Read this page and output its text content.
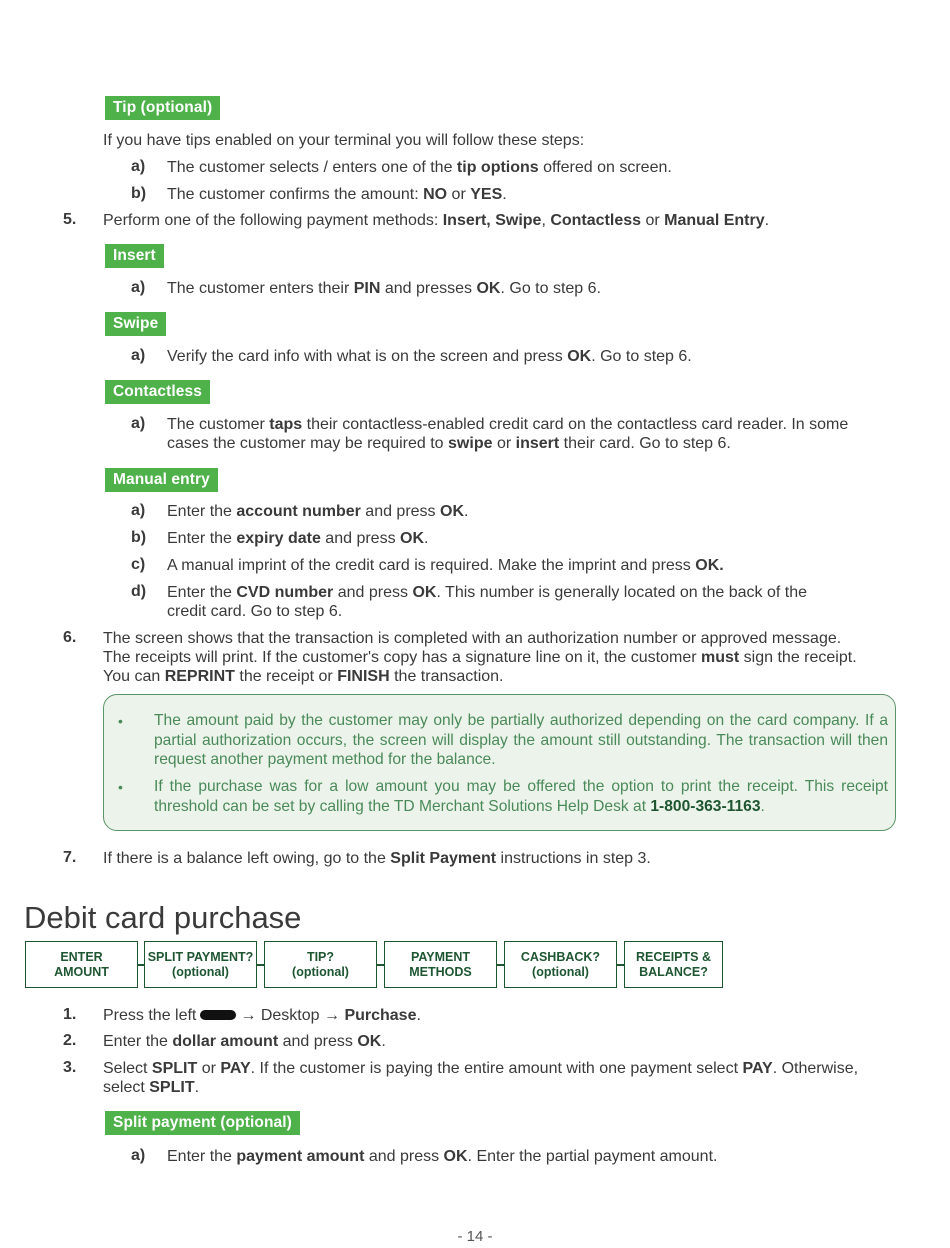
Tip (optional)
If you have tips enabled on your terminal you will follow these steps:
a) The customer selects / enters one of the tip options offered on screen.
b) The customer confirms the amount: NO or YES.
5. Perform one of the following payment methods: Insert, Swipe, Contactless or Manual Entry.
Insert
a) The customer enters their PIN and presses OK. Go to step 6.
Swipe
a) Verify the card info with what is on the screen and press OK. Go to step 6.
Contactless
a) The customer taps their contactless-enabled credit card on the contactless card reader. In some
cases the customer may be required to swipe or insert their card. Go to step 6.
Manual entry
a) Enter the account number and press OK.
b) Enter the expiry date and press OK.
c) A manual imprint of the credit card is required. Make the imprint and press OK.
d) Enter the CVD number and press OK. This number is generally located on the back of the
credit card. Go to step 6.
6. The screen shows that the transaction is completed with an authorization number or approved message.
The receipts will print. If the customer's copy has a signature line on it, the customer must sign the receipt.
You can REPRINT the receipt or FINISH the transaction.
• The amount paid by the customer may only be partially authorized depending on the card company. If a partial authorization occurs, the screen will display the amount still outstanding. The transaction will then request another payment method for the balance.
• If the purchase was for a low amount you may be offered the option to print the receipt. This receipt threshold can be set by calling the TD Merchant Solutions Help Desk at 1-800-363-1163.
7. If there is a balance left owing, go to the Split Payment instructions in step 3.
Debit card purchase
ENTER
AMOUNT
SPLIT PAYMENT?
(optional)
TIP?
(optional)
PAYMENT
METHODS
CASHBACK?
(optional)
RECEIPTS &
BALANCE?
1. Press the left	→ Desktop → Purchase.
2. Enter the dollar amount and press OK.
3. Select SPLIT or PAY. If the customer is paying the entire amount with one payment select PAY. Otherwise,
select SPLIT.
Split payment (optional)
a) Enter the payment amount and press OK. Enter the partial payment amount.
- 14 -
